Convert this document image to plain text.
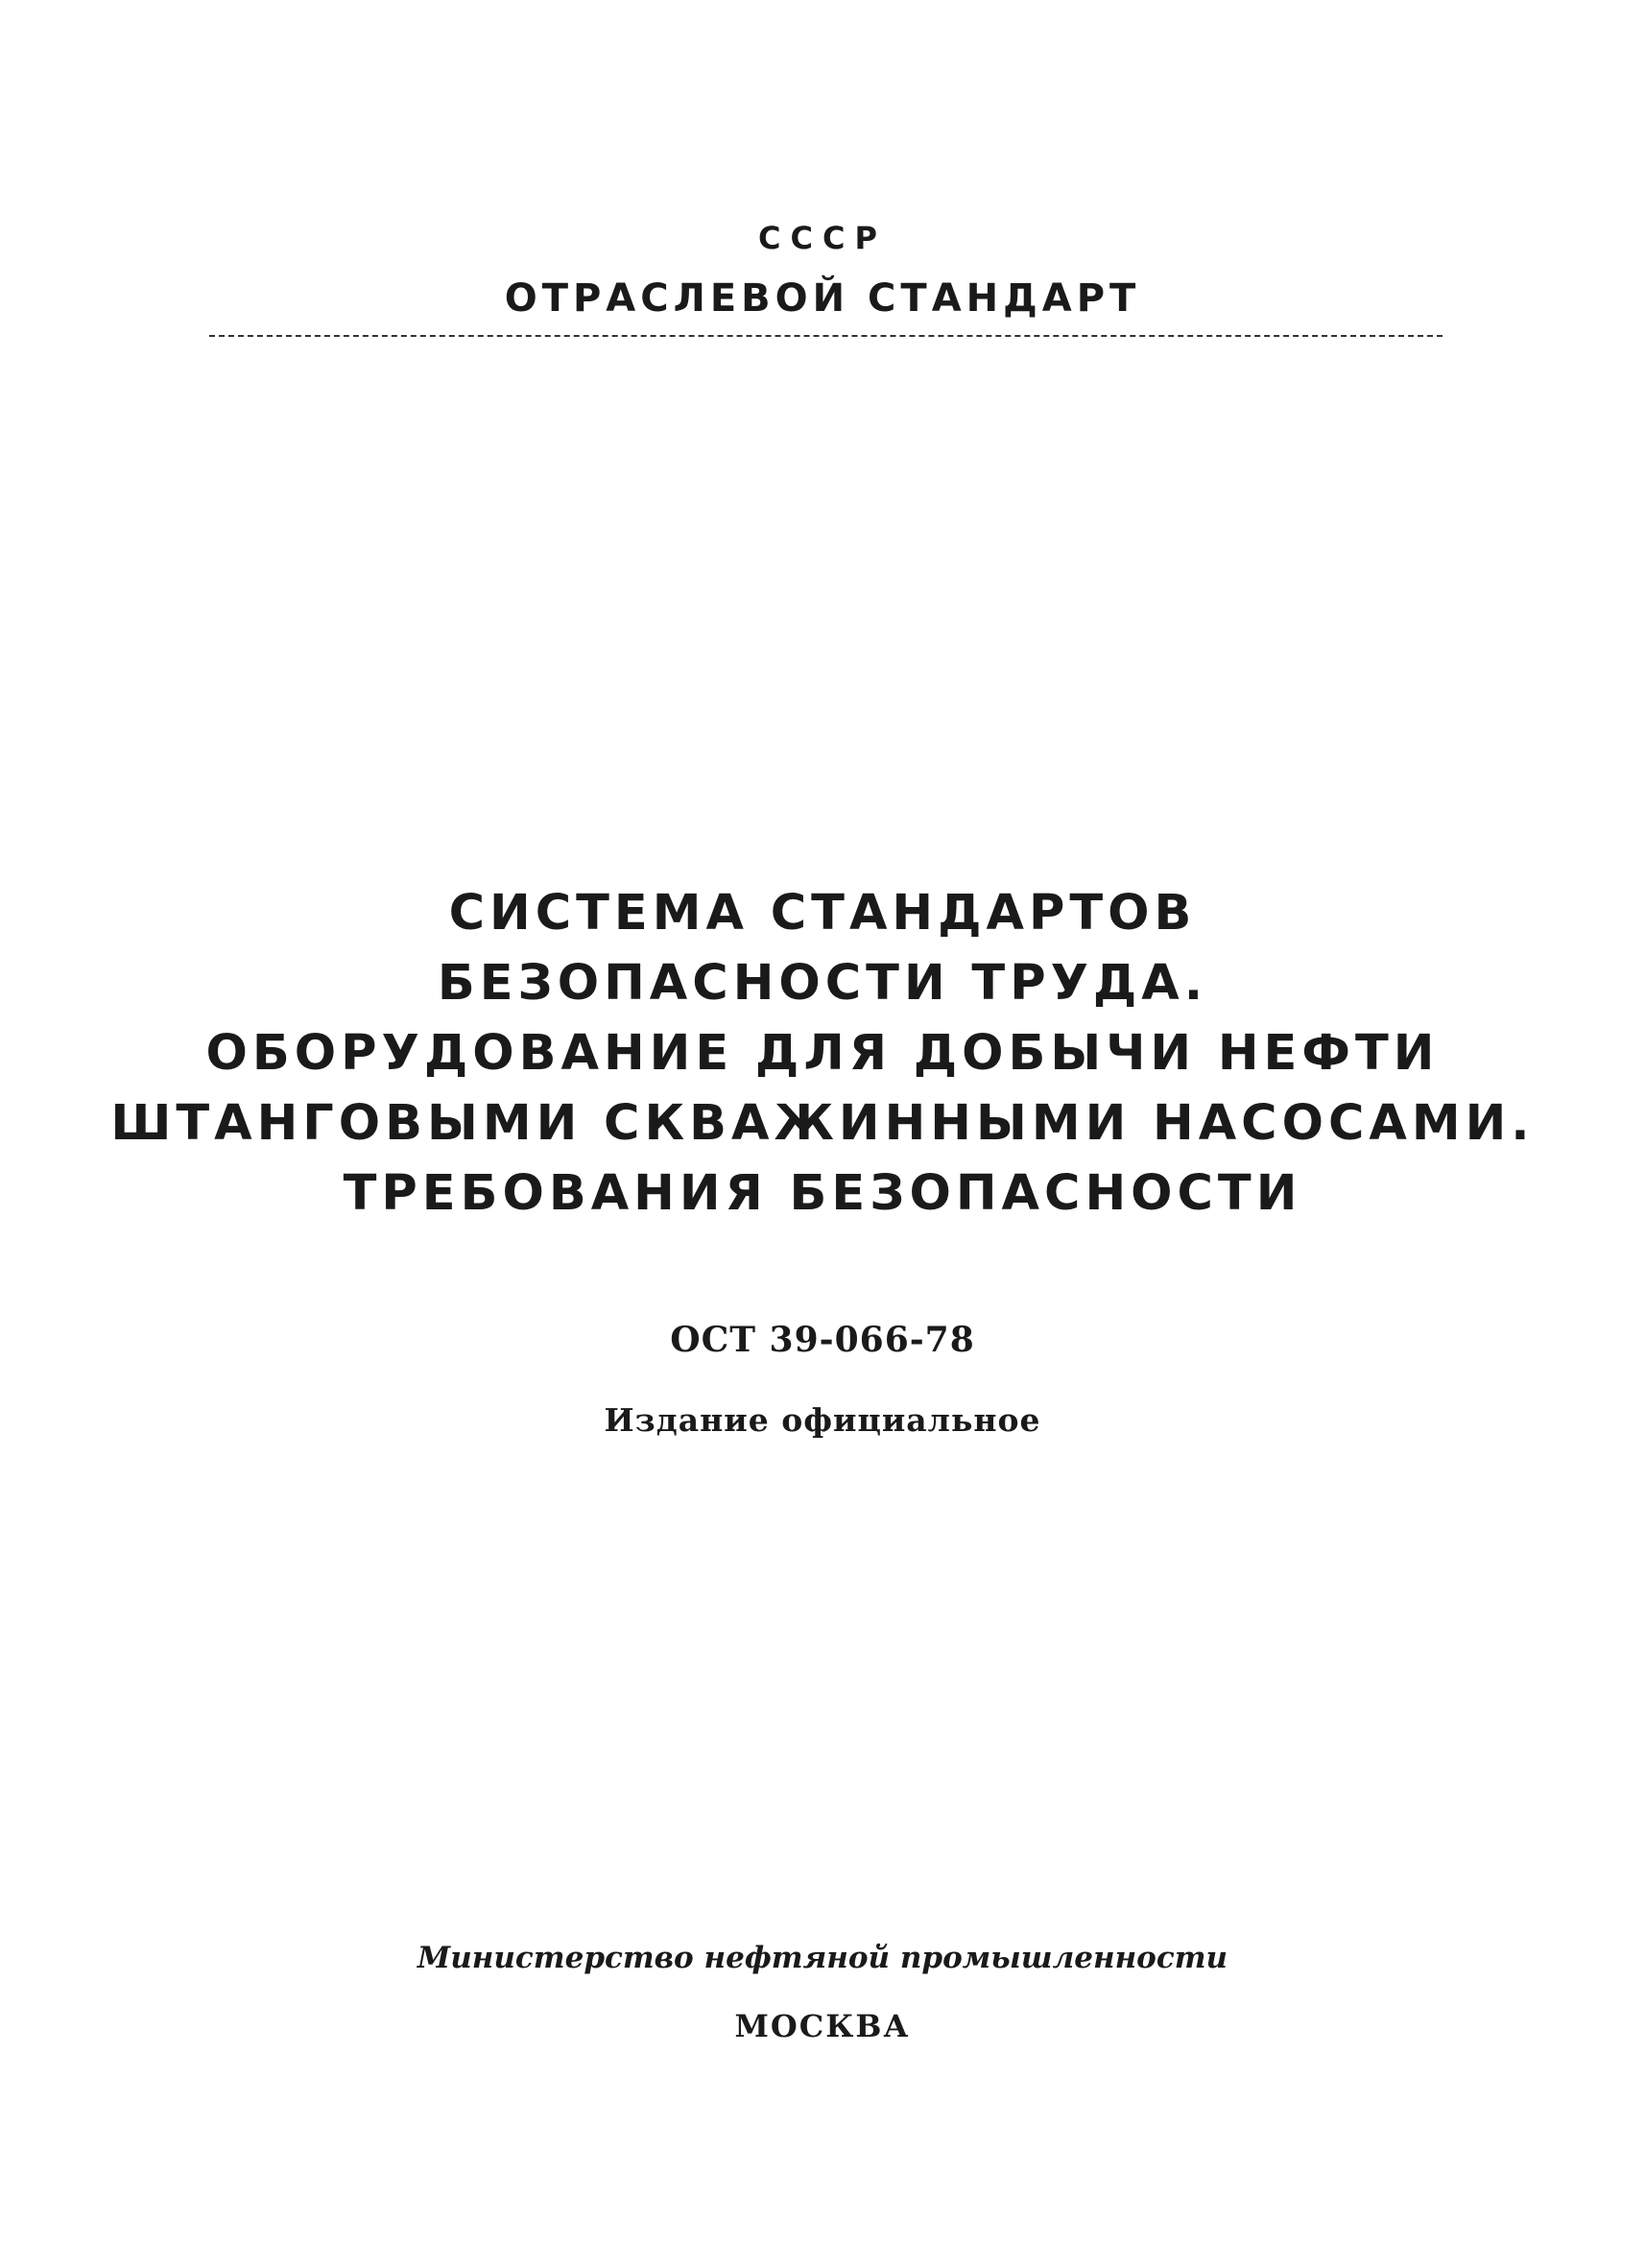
СССР
ОТРАСЛЕВОЙ СТАНДАРТ
СИСТЕМА СТАНДАРТОВ
БЕЗОПАСНОСТИ ТРУДА.
ОБОРУДОВАНИЕ ДЛЯ ДОБЫЧИ НЕФТИ
ШТАНГОВЫМИ СКВАЖИННЫМИ НАСОСАМИ.
ТРЕБОВАНИЯ БЕЗОПАСНОСТИ
ОСТ 39-066-78
Издание официальное
Министерство нефтяной промышленности
МОСКВА
